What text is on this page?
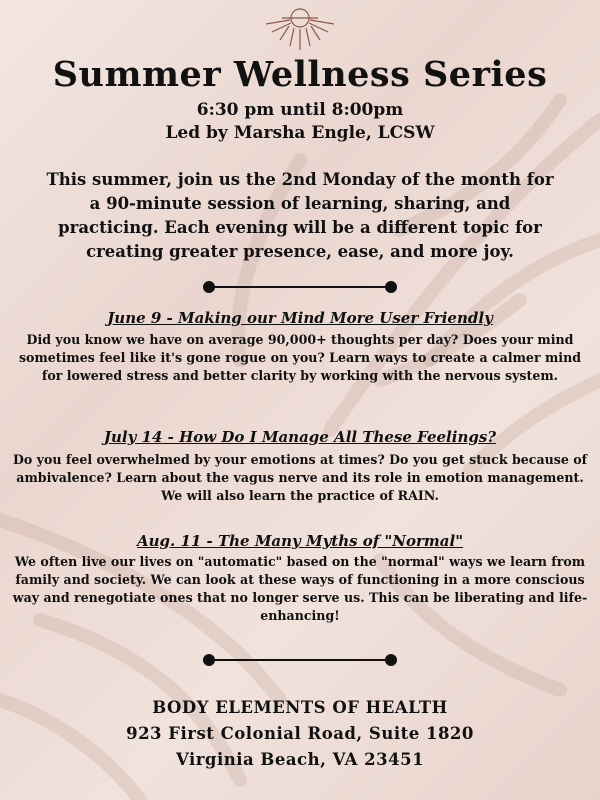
Summer Wellness Series
6:30 pm until 8:00pm
Led by Marsha Engle, LCSW
This summer, join us the 2nd Monday of the month for a 90-minute session of learning, sharing, and practicing. Each evening will be a different topic for creating greater presence, ease, and more joy.
June 9 - Making our Mind More User Friendly
Did you know we have on average 90,000+ thoughts per day? Does your mind sometimes feel like it's gone rogue on you? Learn ways to create a calmer mind for lowered stress and better clarity by working with the nervous system.
July 14 - How Do I Manage All These Feelings?
Do you feel overwhelmed by your emotions at times? Do you get stuck because of ambivalence? Learn about the vagus nerve and its role in emotion management. We will also learn the practice of RAIN.
Aug. 11 - The Many Myths of "Normal"
We often live our lives on "automatic" based on the "normal" ways we learn from family and society. We can look at these ways of functioning in a more conscious way and renegotiate ones that no longer serve us. This can be liberating and life-enhancing!
BODY ELEMENTS OF HEALTH
923 First Colonial Road, Suite 1820
Virginia Beach, VA 23451
